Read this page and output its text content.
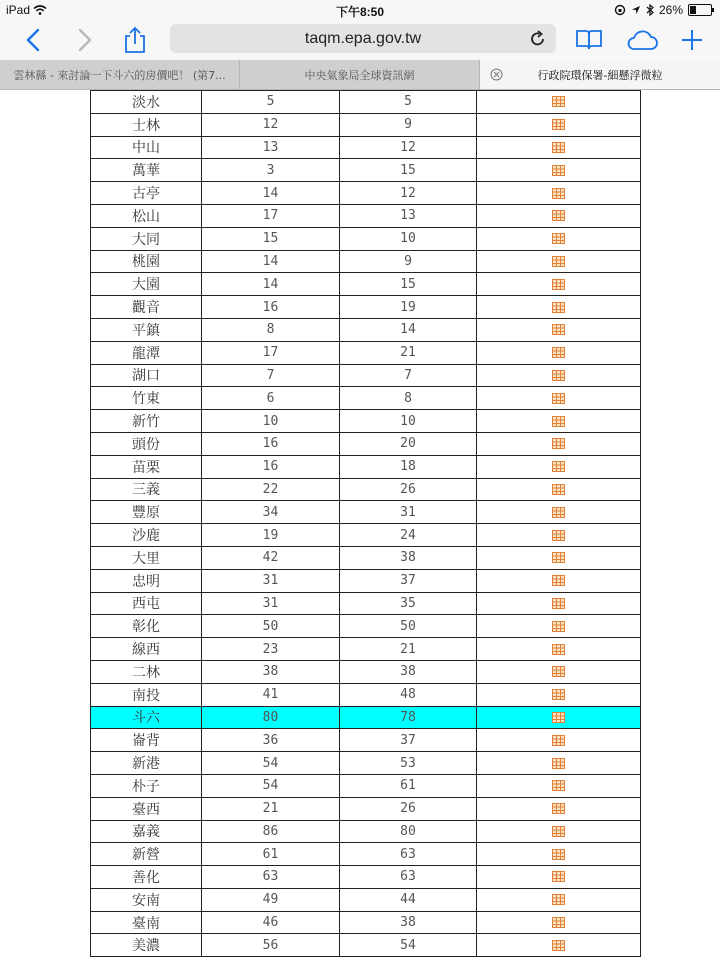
iPad	下午8:50	26%
taqm.epa.gov.tw
雲林縣 - 來討論一下斗六的房價吧！ (第7...	中央氣象局全球資訊網	行政院環保署-細懸浮微粒
淡水	5	5	
士林	12	9	
中山	13	12	
萬華	3	15	
古亭	14	12	
松山	17	13	
大同	15	10	
桃園	14	9	
大園	14	15	
觀音	16	19	
平鎮	8	14	
龍潭	17	21	
湖口	7	7	
竹東	6	8	
新竹	10	10	
頭份	16	20	
苗栗	16	18	
三義	22	26	
豐原	34	31	
沙鹿	19	24	
大里	42	38	
忠明	31	37	
西屯	31	35	
彰化	50	50	
線西	23	21	
二林	38	38	
南投	41	48	
斗六	80	78	
崙背	36	37	
新港	54	53	
朴子	54	61	
臺西	21	26	
嘉義	86	80	
新營	61	63	
善化	63	63	
安南	49	44	
臺南	46	38	
美濃	56	54	
